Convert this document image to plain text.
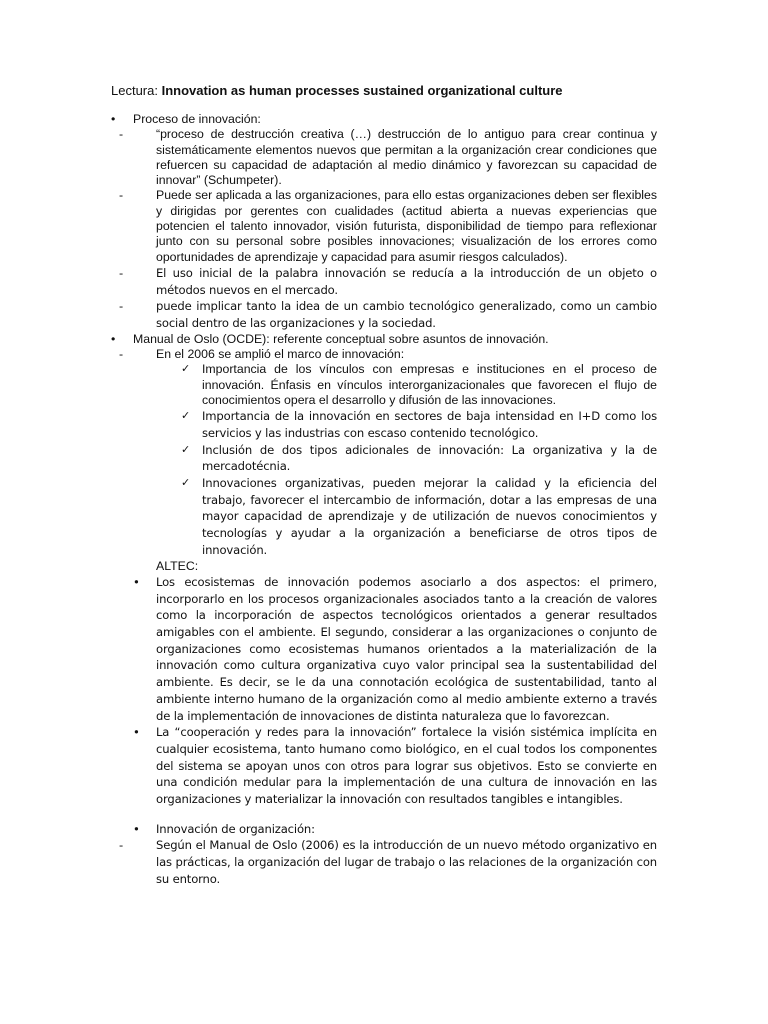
Lectura: Innovation as human processes sustained organizational culture
•	Proceso de innovación:
-	“proceso de destrucción creativa (…) destrucción de lo antiguo para crear continua y sistemáticamente elementos nuevos que permitan a la organización crear condiciones que refuercen su capacidad de adaptación al medio dinámico y favorezcan su capacidad de innovar” (Schumpeter).
-	Puede ser aplicada a las organizaciones, para ello estas organizaciones deben ser flexibles y dirigidas por gerentes con cualidades (actitud abierta a nuevas experiencias que potencien el talento innovador, visión futurista, disponibilidad de tiempo para reflexionar junto con su personal sobre posibles innovaciones; visualización de los errores como oportunidades de aprendizaje y capacidad para asumir riesgos calculados).
-	El uso inicial de la palabra innovación se reducía a la introducción de un objeto o métodos nuevos en el mercado.
-	puede implicar tanto la idea de un cambio tecnológico generalizado, como un cambio social dentro de las organizaciones y la sociedad.
•	Manual de Oslo (OCDE): referente conceptual sobre asuntos de innovación.
-	En el 2006 se amplió el marco de innovación:
✓ Importancia de los vínculos con empresas e instituciones en el proceso de innovación. Énfasis en vínculos interorganizacionales que favorecen el flujo de conocimientos opera el desarrollo y difusión de las innovaciones.
✓	Importancia de la innovación en sectores de baja intensidad en I+D como los servicios y las industrias con escaso contenido tecnológico.
✓	Inclusión de dos tipos adicionales de innovación: La organizativa y la de mercadotécnia.
✓	Innovaciones organizativas, pueden mejorar la calidad y la eficiencia del trabajo, favorecer el intercambio de información, dotar a las empresas de una mayor capacidad de aprendizaje y de utilización de nuevos conocimientos y tecnologías y ayudar a la organización a beneficiarse de otros tipos de innovación.
ALTEC:
•	Los ecosistemas de innovación podemos asociarlo a dos aspectos: el primero, incorporarlo en los procesos organizacionales asociados tanto a la creación de valores como la incorporación de aspectos tecnológicos orientados a generar resultados amigables con el ambiente. El segundo, considerar a las organizaciones o conjunto de organizaciones como ecosistemas humanos orientados a la materialización de la innovación como cultura organizativa cuyo valor principal sea la sustentabilidad del ambiente. Es decir, se le da una connotación ecológica de sustentabilidad, tanto al ambiente interno humano de la organización como al medio ambiente externo a través de la implementación de innovaciones de distinta naturaleza que lo favorezcan.
•	La “cooperación y redes para la innovación” fortalece la visión sistémica implícita en cualquier ecosistema, tanto humano como biológico, en el cual todos los componentes del sistema se apoyan unos con otros para lograr sus objetivos. Esto se convierte en una condición medular para la implementación de una cultura de innovación en las organizaciones y materializar la innovación con resultados tangibles e intangibles.
•	Innovación de organización:
-	Según el Manual de Oslo (2006) es la introducción de un nuevo método organizativo en las prácticas, la organización del lugar de trabajo o las relaciones de la organización con su entorno.
